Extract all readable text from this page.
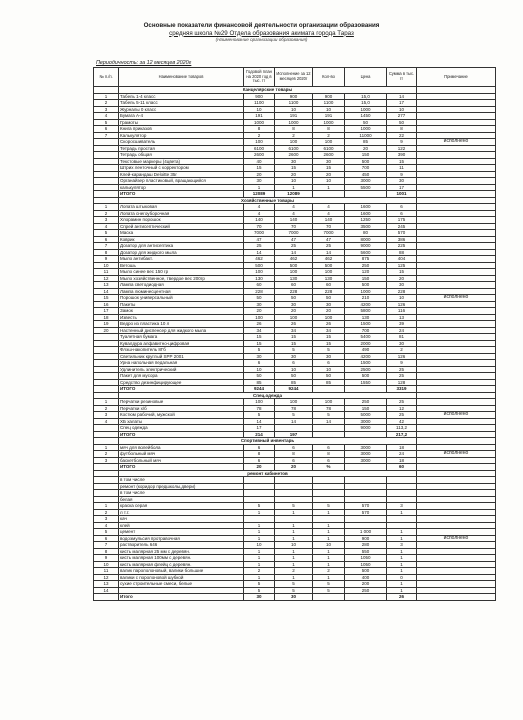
Основные показатели финансовой деятельности организации образования
средняя школа №29 Отдела образования акимата города Тараз
(Наименование организации образования)
Периодичность: за 12 месяцев 2020г
№ п./п.	Наименование товаров	Годовой план на 2020 год в тыс. тг	Исполнение за 12 месяцев 2020г	Кол-во	Цена	Сумма в тыс. тг	Примечание
	Канцелярские товары						
1	Табель 1-4 класс	900	900	900	15,0	14	
2	Табель 5-11 класс	1100	1100	1100	15,0	17	
3	Журналы 0 класс	10	10	10	1000	10	
4	Бумага А-4	191	191	191	1450	277	
5	Грамоты	1000	1000	1000	50	50	
6	Книга приказов	8	8	8	1000	8	
7	Калькулятор	2	2	2	11000	22	
	Скоросшиватель	100	100	100	85	9	исполнено
	Тетрадь простая	6100	6100	6100	20	122	
	Тетрадь общая	2600	2600	2600	150	390	
	Текстовые маркеры (4цвета)	40	30	30	500	15	
	Штрих ленточный с корректором	15	15	15	700	11	
	Клей-карандаш Deloitte 35г	20	20	20	450	9	
	Органайзер пластиковый, вращающийся	30	10	10	3000	30	
	калькулятор	1	1	1	5500	17	
	ИТОГО	12089	12089			1001	
	Хозяйственные товары						
1	Лопата штыковая	4	4	4	1600	6	
2	Лопата снегоуборочная	4	4	4	1600	6	
3	Хлорамин порошок	140	140	140	1250	175	
4	Спрей антисептический	70	70	70	3500	245	
5	Маска	7000	7000	7000	80	570	
6	Коврик	47	47	47	8000	386	
7	Дозатор для антисептика	25	25	25	9000	225	
8	Дозатор для жидкого мыла	14	14	14	5600	88	
9	Мыло антибакт.	462	462	462	875	404	
10	Ветошь	500	500	500	250	125	
11	Мыло синее вес 150 гр	100	100	100	120	15	
12	Мыло хозяйственное, твердое вес 200гр	130	130	130	150	20	
13	Лампа светодиодная	60	60	60	500	30	
14	Лампа люминесцентная	228	228	228	1000	228	
15	Порошок универсальный	50	50	50	210	10	исполнено
16	Пакеты	30	30	30	4200	126	
17	Замок	20	20	20	5800	116	
18	Известь	100	100	100	130	13	
19	Ведро из пластика 10 л	26	26	26	1500	39	
20	Настенный диспенсер для жидкого мыла	34	34	34	700	24	
	Туалетная бумага	15	15	15	5400	81	
	Кувалдура алфавитно-цифровая	15	15	15	2000	30	
	Флэш-накопитель 8Гб	5	5	5	490	2	
	Светильник круглый SPP 2001	30	30	30	4200	126	
	Урна напольная педальная	6	6	6	1500	9	
	Удлинитель электрический	10	10	10	2500	25	
	Пакет для мусора	50	50	50	500	25	
	Средство дезинфицирующее	85	85	85	1550	128	
	ИТОГО	9244	9244			3319	
	Спец.одежда						
1	Перчатки резиновые	100	100	100	250	25	
2	Перчатки х/б	78	78	78	150	12	
3	Костюм рабочий, мужской	5	5	5	5000	25	исполнено
4	ХБ халаты	14	14	14	3000	42	
	Спец одежда	17			9000	113,2	
	ИТОГО	214	197			217,2	
	Спортивный инвентарь						
1	мяч для волейбола	6	6	6	3000	18	
2	футбольный мяч	8	8	8	3000	24	исполнено
3	баскетбольный мяч	6	6	6	3000	18	
	ИТОГО	20	20	%		60	
	ремонт кабинетов						
	в том числе						
	ремонт (коридор предшколы,двери)						
	в том числе						
	белая						
1	краска серая	5	5	5	570	3	
2	л т.т.	1	1	1	570	1	
3	кач						
4	клей	1	1	1			
5	цемент	1	1	1	1 000	1	
6	водоэмульсия протравочная	1	1	1	900	1	исполнено
7	растворитель 646	10	10	10	280	3	
8	кисть малярная 25 мм с деревян.	1	1	1	550	1	
9	кисть малярная 100мм с деревян.	1	1	1	1050	1	
10	кисть малярная флейц с деревян.	1	1	1	1050	1	
11	валик парололоновый, валики большие	2	2	2	500	1	
12	валики с поролоновой шубкой	1	1	1	400	0	
13	сухие строительные смеси, белые	5	5	5	200	1	
14		5	5	5	250	1	
	Итого	30	30			26	
